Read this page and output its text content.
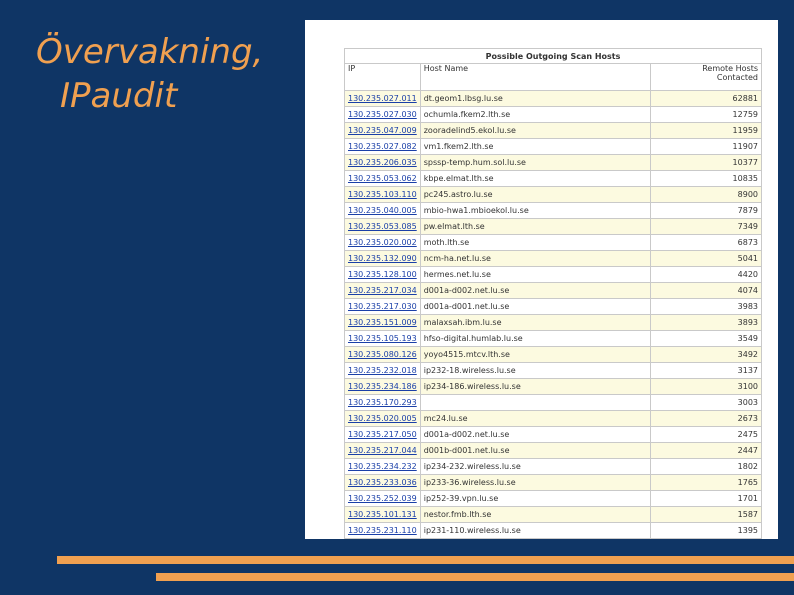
Övervakning,
IPaudit
Possible Outgoing Scan Hosts		
IP	Host Name	Remote Hosts
Contacted
130.235.027.011	dt.geom1.lbsg.lu.se	62881
130.235.027.030	ochumla.fkem2.lth.se	12759
130.235.047.009	zooradelind5.ekol.lu.se	11959
130.235.027.082	vm1.fkem2.lth.se	11907
130.235.206.035	spssp-temp.hum.sol.lu.se	10377
130.235.053.062	kbpe.elmat.lth.se	10835
130.235.103.110	pc245.astro.lu.se	8900
130.235.040.005	mbio-hwa1.mbioekol.lu.se	7879
130.235.053.085	pw.elmat.lth.se	7349
130.235.020.002	moth.lth.se	6873
130.235.132.090	ncm-ha.net.lu.se	5041
130.235.128.100	hermes.net.lu.se	4420
130.235.217.034	d001a-d002.net.lu.se	4074
130.235.217.030	d001a-d001.net.lu.se	3983
130.235.151.009	malaxsah.ibm.lu.se	3893
130.235.105.193	hfso-digital.humlab.lu.se	3549
130.235.080.126	yoyo4515.mtcv.lth.se	3492
130.235.232.018	ip232-18.wireless.lu.se	3137
130.235.234.186	ip234-186.wireless.lu.se	3100
130.235.170.293		3003
130.235.020.005	mc24.lu.se	2673
130.235.217.050	d001a-d002.net.lu.se	2475
130.235.217.044	d001b-d001.net.lu.se	2447
130.235.234.232	ip234-232.wireless.lu.se	1802
130.235.233.036	ip233-36.wireless.lu.se	1765
130.235.252.039	ip252-39.vpn.lu.se	1701
130.235.101.131	nestor.fmb.lth.se	1587
130.235.231.110	ip231-110.wireless.lu.se	1395
